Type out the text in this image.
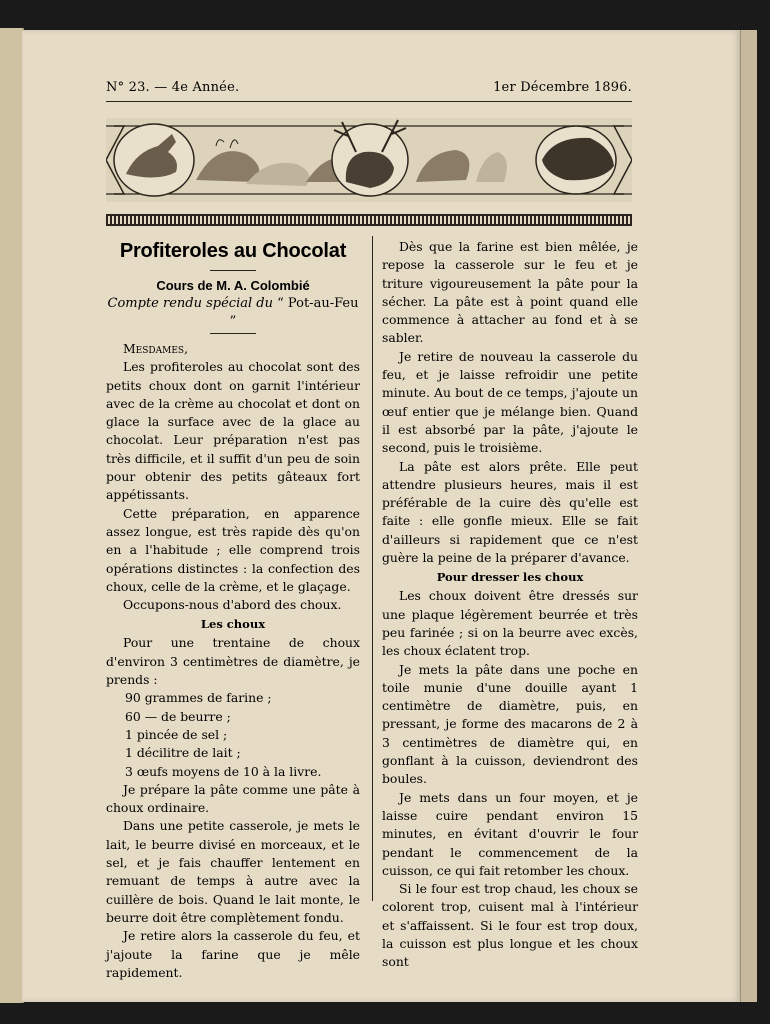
N° 23. — 4e Année.	1er Décembre 1896.
Profiteroles au Chocolat
Cours de M. A. Colombié
Compte rendu spécial du “ Pot-au-Feu ”

Mesdames,

Les profiteroles au chocolat sont des petits choux dont on garnit l'intérieur avec de la crème au chocolat et dont on glace la surface avec de la glace au chocolat. Leur préparation n'est pas très difficile, et il suffit d'un peu de soin pour obtenir des petits gâteaux fort appétissants.

Cette préparation, en apparence assez longue, est très rapide dès qu'on en a l'habitude ; elle comprend trois opérations distinctes : la confection des choux, celle de la crème, et le glaçage.

Occupons-nous d'abord des choux.

Les choux

Pour une trentaine de choux d'environ 3 centimètres de diamètre, je prends :

90 grammes de farine ;
60 — de beurre ;
1 pincée de sel ;
1 décilitre de lait ;
3 œufs moyens de 10 à la livre.

Je prépare la pâte comme une pâte à choux ordinaire.

Dans une petite casserole, je mets le lait, le beurre divisé en morceaux, et le sel, et je fais chauffer lentement en remuant de temps à autre avec la cuillère de bois. Quand le lait monte, le beurre doit être complètement fondu.

Je retire alors la casserole du feu, et j'ajoute la farine que je mêle rapidement.

Dès que la farine est bien mêlée, je repose la casserole sur le feu et je triture vigoureusement la pâte pour la sécher. La pâte est à point quand elle commence à attacher au fond et à se sabler.

Je retire de nouveau la casserole du feu, et je laisse refroidir une petite minute. Au bout de ce temps, j'ajoute un œuf entier que je mélange bien. Quand il est absorbé par la pâte, j'ajoute le second, puis le troisième.

La pâte est alors prête. Elle peut attendre plusieurs heures, mais il est préférable de la cuire dès qu'elle est faite : elle gonfle mieux. Elle se fait d'ailleurs si rapidement que ce n'est guère la peine de la préparer d'avance.

Pour dresser les choux

Les choux doivent être dressés sur une plaque légèrement beurrée et très peu farinée ; si on la beurre avec excès, les choux éclatent trop.

Je mets la pâte dans une poche en toile munie d'une douille ayant 1 centimètre de diamètre, puis, en pressant, je forme des macarons de 2 à 3 centimètres de diamètre qui, en gonflant à la cuisson, deviendront des boules.

Je mets dans un four moyen, et je laisse cuire pendant environ 15 minutes, en évitant d'ouvrir le four pendant le commencement de la cuisson, ce qui fait retomber les choux.

Si le four est trop chaud, les choux se colorent trop, cuisent mal à l'intérieur et s'affaissent. Si le four est trop doux, la cuisson est plus longue et les choux sont
